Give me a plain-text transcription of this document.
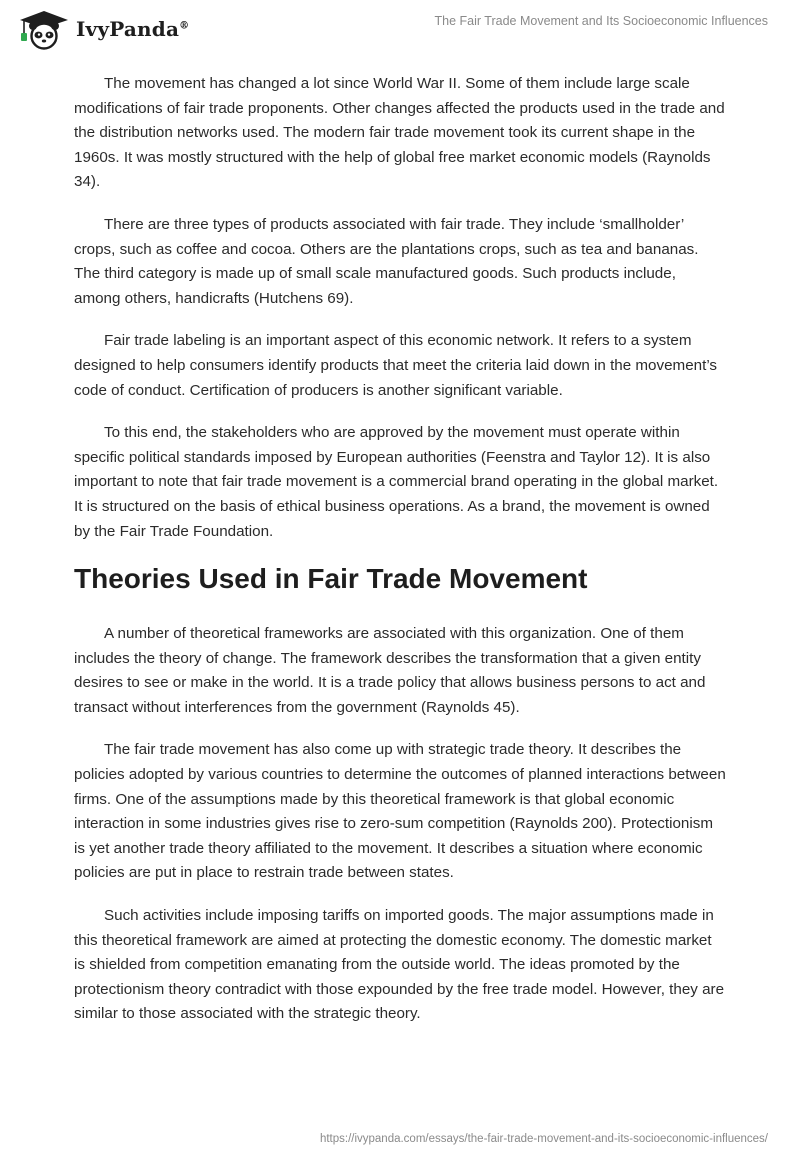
IvyPanda®	The Fair Trade Movement and Its Socioeconomic Influences

The movement has changed a lot since World War II. Some of them include large scale modifications of fair trade proponents. Other changes affected the products used in the trade and the distribution networks used. The modern fair trade movement took its current shape in the 1960s. It was mostly structured with the help of global free market economic models (Raynolds 34).

There are three types of products associated with fair trade. They include ‘smallholder’ crops, such as coffee and cocoa. Others are the plantations crops, such as tea and bananas. The third category is made up of small scale manufactured goods. Such products include, among others, handicrafts (Hutchens 69).

Fair trade labeling is an important aspect of this economic network. It refers to a system designed to help consumers identify products that meet the criteria laid down in the movement’s code of conduct. Certification of producers is another significant variable.

To this end, the stakeholders who are approved by the movement must operate within specific political standards imposed by European authorities (Feenstra and Taylor 12). It is also important to note that fair trade movement is a commercial brand operating in the global market. It is structured on the basis of ethical business operations. As a brand, the movement is owned by the Fair Trade Foundation.

Theories Used in Fair Trade Movement

A number of theoretical frameworks are associated with this organization. One of them includes the theory of change. The framework describes the transformation that a given entity desires to see or make in the world. It is a trade policy that allows business persons to act and transact without interferences from the government (Raynolds 45).

The fair trade movement has also come up with strategic trade theory. It describes the policies adopted by various countries to determine the outcomes of planned interactions between firms. One of the assumptions made by this theoretical framework is that global economic interaction in some industries gives rise to zero-sum competition (Raynolds 200). Protectionism is yet another trade theory affiliated to the movement. It describes a situation where economic policies are put in place to restrain trade between states.

Such activities include imposing tariffs on imported goods. The major assumptions made in this theoretical framework are aimed at protecting the domestic economy. The domestic market is shielded from competition emanating from the outside world. The ideas promoted by the protectionism theory contradict with those expounded by the free trade model. However, they are similar to those associated with the strategic theory.

https://ivypanda.com/essays/the-fair-trade-movement-and-its-socioeconomic-influences/
